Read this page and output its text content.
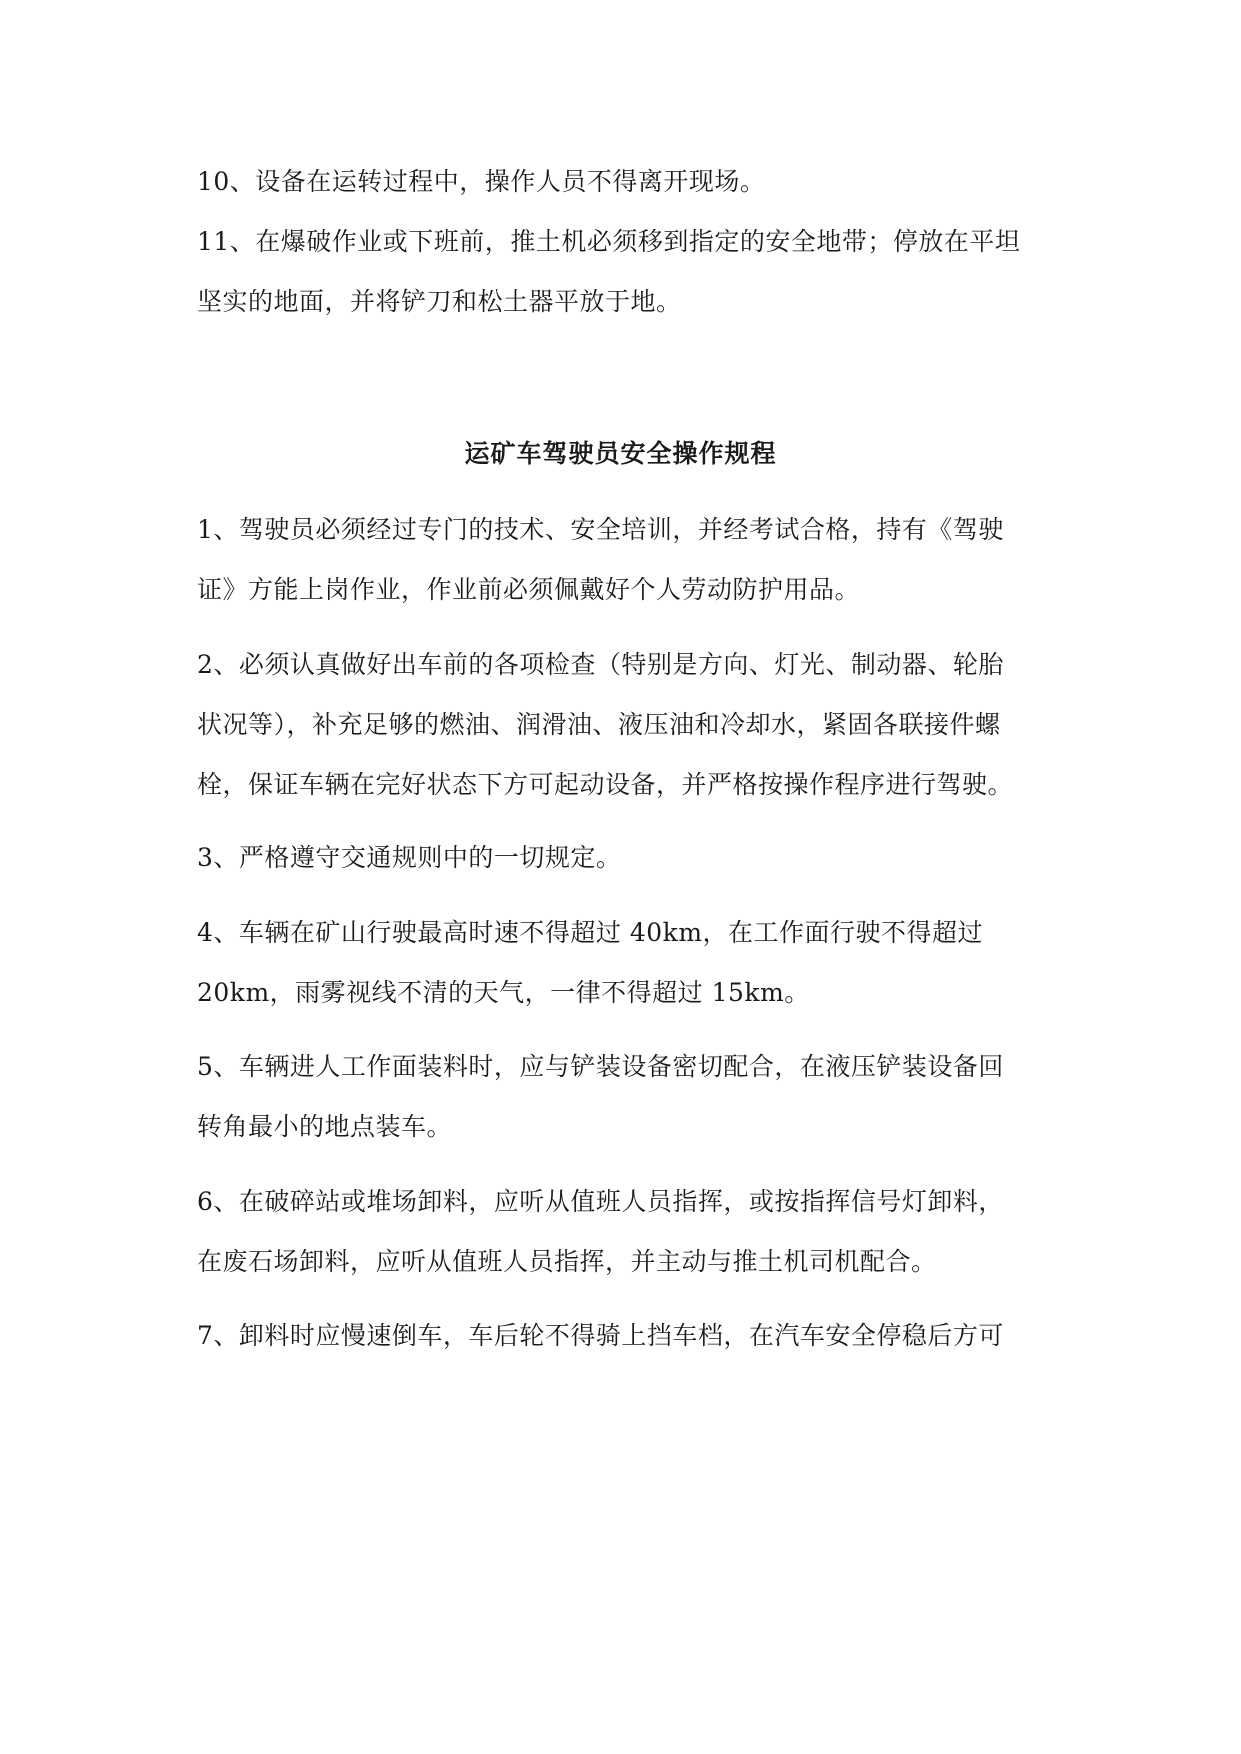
10、设备在运转过程中，操作人员不得离开现场。
11、在爆破作业或下班前，推土机必须移到指定的安全地带；停放在平坦
坚实的地面，并将铲刀和松土器平放于地。
运矿车驾驶员安全操作规程
1、驾驶员必须经过专门的技术、安全培训，并经考试合格，持有《驾驶
证》方能上岗作业，作业前必须佩戴好个人劳动防护用品。
2、必须认真做好出车前的各项检查（特别是方向、灯光、制动器、轮胎
状况等），补充足够的燃油、润滑油、液压油和冷却水，紧固各联接件螺
栓，保证车辆在完好状态下方可起动设备，并严格按操作程序进行驾驶。
3、严格遵守交通规则中的一切规定。
4、车辆在矿山行驶最高时速不得超过 40km，在工作面行驶不得超过
20km，雨雾视线不清的天气，一律不得超过 15km。
5、车辆进人工作面装料时，应与铲装设备密切配合，在液压铲装设备回
转角最小的地点装车。
6、在破碎站或堆场卸料，应听从值班人员指挥，或按指挥信号灯卸料，
在废石场卸料，应听从值班人员指挥，并主动与推土机司机配合。
7、卸料时应慢速倒车，车后轮不得骑上挡车档，在汽车安全停稳后方可
